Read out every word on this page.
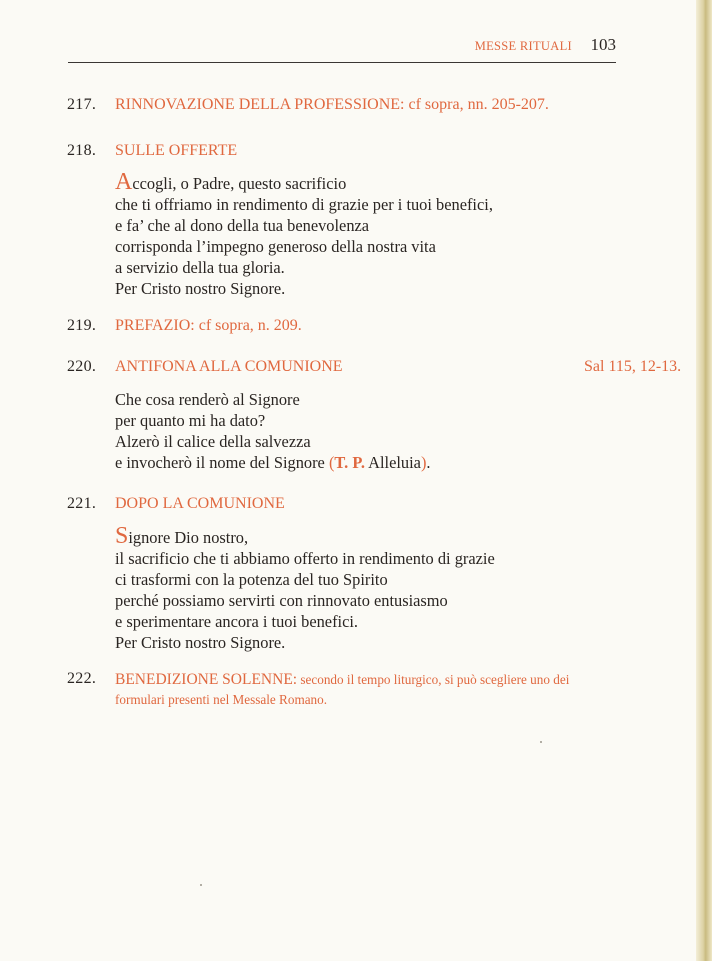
MESSE RITUALI 103
217.	RINNOVAZIONE DELLA PROFESSIONE: cf sopra, nn. 205-207.
218.	SULLE OFFERTE
Accogli, o Padre, questo sacrificio
che ti offriamo in rendimento di grazie per i tuoi benefici,
e fa’ che al dono della tua benevolenza
corrisponda l’impegno generoso della nostra vita
a servizio della tua gloria.
Per Cristo nostro Signore.
219.	PREFAZIO: cf sopra, n. 209.
220.	ANTIFONA ALLA COMUNIONE	Sal 115, 12-13.
Che cosa renderò al Signore
per quanto mi ha dato?
Alzerò il calice della salvezza
e invocherò il nome del Signore (T. P. Alleluia).
221.	DOPO LA COMUNIONE
Signore Dio nostro,
il sacrificio che ti abbiamo offerto in rendimento di grazie
ci trasformi con la potenza del tuo Spirito
perché possiamo servirti con rinnovato entusiasmo
e sperimentare ancora i tuoi benefici.
Per Cristo nostro Signore.
222.	BENEDIZIONE SOLENNE: secondo il tempo liturgico, si può scegliere uno dei
formulari presenti nel Messale Romano.
